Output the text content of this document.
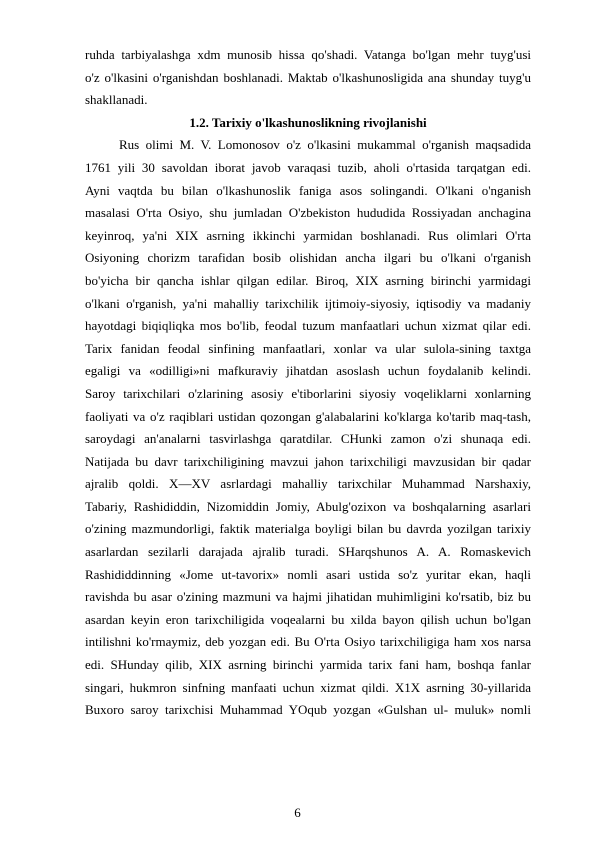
ruhda tarbiyalashga xdm munosib hissa qo'shadi. Vatanga bo'lgan mehr tuyg'usi
o'z o'lkasini o'rganishdan boshlanadi. Maktab o'lkashunosligida ana shunday tuyg'u
shakllanadi.
1.2. Tarixiy o'lkashunoslikning rivojlanishi
Rus olimi M. V. Lomonosov o'z o'lkasini mukammal o'rganish maqsadida
1761 yili 30 savoldan iborat javob varaqasi tuzib, aholi o'rtasida tarqatgan edi.
Ayni vaqtda bu bilan o'lkashunoslik faniga asos solingandi. O'lkani o'nganish
masalasi O'rta Osiyo, shu jumladan O'zbekiston hududida Rossiyadan anchagina
keyinroq, ya'ni XIX asrning ikkinchi yarmidan boshlanadi. Rus olimlari O'rta
Osiyoning chorizm tarafidan bosib olishidan ancha ilgari bu o'lkani o'rganish
bo'yicha bir qancha ishlar qilgan edilar. Biroq, XIX asrning birinchi yarmidagi
o'lkani o'rganish, ya'ni mahalliy tarixchilik ijtimoiy-siyosiy, iqtisodiy va madaniy
hayotdagi biqiqliqka mos bo'lib, feodal tuzum manfaatlari uchun xizmat qilar edi.
Tarix fanidan feodal sinfining manfaatlari, xonlar va ular sulola-sining taxtga
egaligi va «odilligi»ni mafkuraviy jihatdan asoslash uchun foydalanib kelindi.
Saroy tarixchilari o'zlarining asosiy e'tiborlarini siyosiy voqeliklarni xonlarning
faoliyati va o'z raqiblari ustidan qozongan g'alabalarini ko'klarga ko'tarib maq-tash,
saroydagi an'analarni tasvirlashga qaratdilar. CHunki zamon o'zi shunaqa edi.
Natijada bu davr tarixchiligining mavzui jahon tarixchiligi mavzusidan bir qadar
ajralib qoldi. X—XV asrlardagi mahalliy tarixchilar Muhammad Narshaxiy,
Tabariy, Rashididdin, Nizomiddin Jomiy, Abulg'ozixon va boshqalarning asarlari
o'zining mazmundorligi, faktik materialga boyligi bilan bu davrda yozilgan tarixiy
asarlardan sezilarli darajada ajralib turadi. SHarqshunos A. A. Romaskevich
Rashididdinning «Jome ut-tavorix» nomli asari ustida so'z yuritar ekan, haqli
ravishda bu asar o'zining mazmuni va hajmi jihatidan muhimligini ko'rsatib, biz bu
asardan keyin eron tarixchiligida voqealarni bu xilda bayon qilish uchun bo'lgan
intilishni ko'rmaymiz, deb yozgan edi. Bu O'rta Osiyo tarixchiligiga ham xos narsa
edi. SHunday qilib, XIX asrning birinchi yarmida tarix fani ham, boshqa fanlar
singari, hukmron sinfning manfaati uchun xizmat qildi. X1X asrning 30-yillarida
Buxoro saroy tarixchisi Muhammad YOqub yozgan «Gulshan ul- muluk» nomli
6
